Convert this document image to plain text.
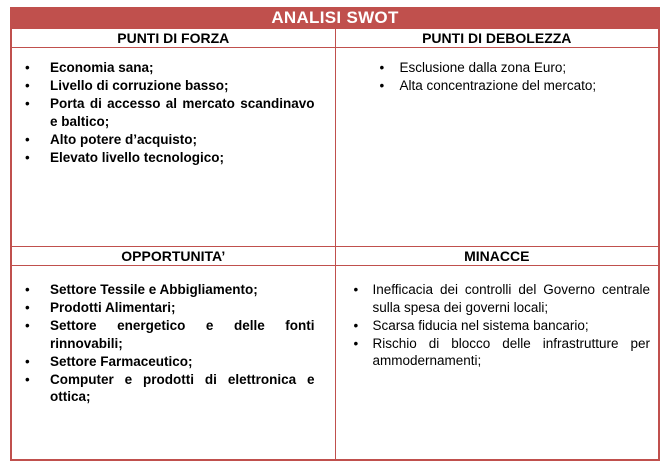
ANALISI SWOT
PUNTI DI FORZA	PUNTI DI DEBOLEZZA
• Economia sana;
• Livello di corruzione basso;
• Porta di accesso al mercato scandinavo e baltico;
• Alto potere d’acquisto;
• Elevato livello tecnologico;
• Esclusione dalla zona Euro;
• Alta concentrazione del mercato;
OPPORTUNITA’	MINACCE
• Settore Tessile e Abbigliamento;
• Prodotti Alimentari;
• Settore energetico e delle fonti rinnovabili;
• Settore Farmaceutico;
• Computer e prodotti di elettronica e ottica;
• Inefficacia dei controlli del Governo centrale sulla spesa dei governi locali;
• Scarsa fiducia nel sistema bancario;
• Rischio di blocco delle infrastrutture per ammodernamenti;
